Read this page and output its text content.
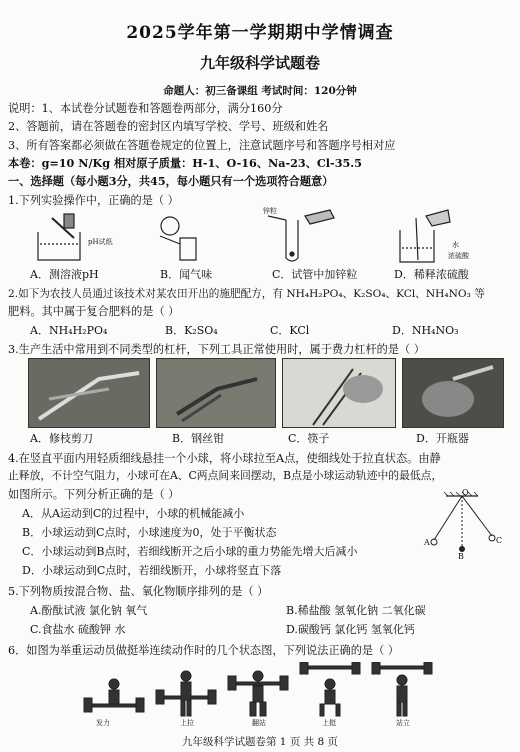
2025学年第一学期期中学情调查
九年级科学试题卷
命题人：初三备课组 考试时间：120分钟
说明：1、本试卷分试题卷和答题卷两部分，满分160分
2、答题前，请在答题卷的密封区内填写学校、学号、班级和姓名
3、所有答案都必须做在答题卷规定的位置上，注意试题序号和答题序号相对应
本卷：g=10 N/Kg 相对原子质量：H-1、O-16、Na-23、Cl-35.5
一、选择题（每小题3分，共45，每小题只有一个选项符合题意）
1.下列实验操作中，正确的是（ ）
pH试纸
锌粒
水
浓硫酸
A．测溶液pH	B．闻气味	C．试管中加锌粒	D．稀释浓硫酸
2.如下为农技人员通过该技术对某农田开出的施肥配方，有 NH₄H₂PO₄、K₂SO₄、KCl、NH₄NO₃ 等
肥料。其中属于复合肥料的是（ ）
A．NH₄H₂PO₄	B．K₂SO₄	C．KCl	D．NH₄NO₃
3.生产生活中常用到不同类型的杠杆，下列工具正常使用时，属于费力杠杆的是（ ）
A．修枝剪刀	B．钢丝钳	C．筷子	D．开瓶器
4.在竖直平面内用轻质细线悬挂一个小球，将小球拉至A点，使细线处于拉直状态。由静
止释放，不计空气阻力，小球可在A、C两点间来回摆动，B点是小球运动轨迹中的最低点，
如图所示。下列分析正确的是（ ）
A．从A运动到C的过程中，小球的机械能减小
B．小球运动到C点时，小球速度为0，处于平衡状态
C．小球运动到B点时，若细线断开之后小球的重力势能先增大后减小
D．小球运动到C点时，若细线断开，小球将竖直下落
O
A
B
C
5.下列物质按混合物、盐、氧化物顺序排列的是（ ）
A.酚酞试液 氯化钠 氧气	B.稀盐酸 氢氧化钠 二氧化碳
C.食盐水 硫酸钾 水	D.碳酸钙 氯化钙 氢氧化钙
6．如图为举重运动员做挺举连续动作时的几个状态图，下列说法正确的是（ ）
发力	上拉	翻站	上挺	站立
九年级科学试题卷第 1 页 共 8 页
